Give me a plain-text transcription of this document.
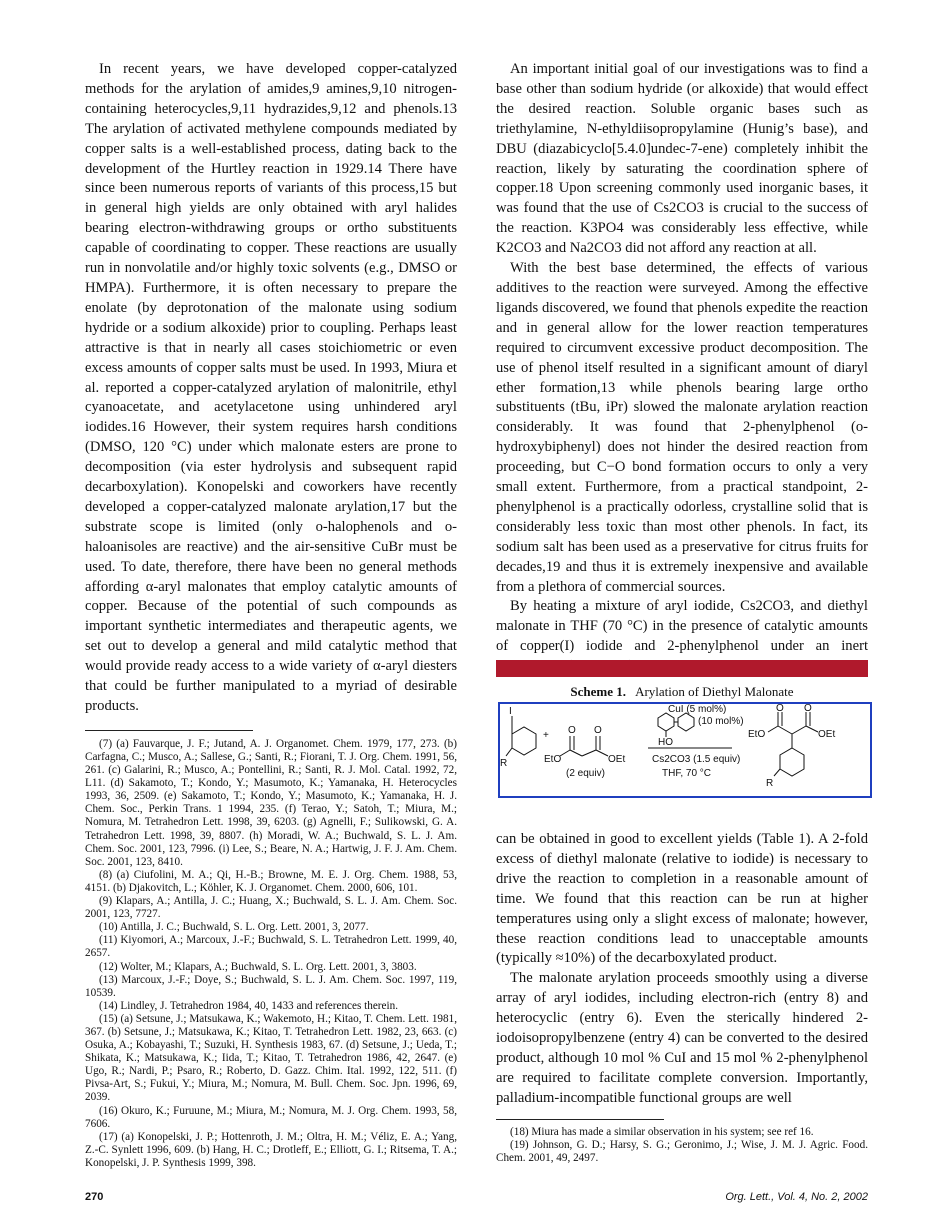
In recent years, we have developed copper-catalyzed methods for the arylation of amides,9 amines,9,10 nitrogen-containing heterocycles,9,11 hydrazides,9,12 and phenols.13 The arylation of activated methylene compounds mediated by copper salts is a well-established process, dating back to the development of the Hurtley reaction in 1929.14 There have since been numerous reports of variants of this process,15 but in general high yields are only obtained with aryl halides bearing electron-withdrawing groups or ortho substituents capable of coordinating to copper. These reactions are usually run in nonvolatile and/or highly toxic solvents (e.g., DMSO or HMPA). Furthermore, it is often necessary to prepare the enolate (by deprotonation of the malonate using sodium hydride or a sodium alkoxide) prior to coupling. Perhaps least attractive is that in nearly all cases stoichiometric or even excess amounts of copper salts must be used. In 1993, Miura et al. reported a copper-catalyzed arylation of malonitrile, ethyl cyanoacetate, and acetylacetone using unhindered aryl iodides.16 However, their system requires harsh conditions (DMSO, 120 °C) under which malonate esters are prone to decomposition (via ester hydrolysis and subsequent rapid decarboxylation). Konopelski and coworkers have recently developed a copper-catalyzed malonate arylation,17 but the substrate scope is limited (only o-halophenols and o-haloanisoles are reactive) and the air-sensitive CuBr must be used. To date, therefore, there have been no general methods affording α-aryl malonates that employ catalytic amounts of copper. Because of the potential of such compounds as important synthetic intermediates and therapeutic agents, we set out to develop a general and mild catalytic method that would provide ready access to a wide variety of α-aryl diesters that could be further manipulated to a myriad of desirable products.

(7) (a) Fauvarque, J. F.; Jutand, A. J. Organomet. Chem. 1979, 177, 273. (b) Carfagna, C.; Musco, A.; Sallese, G.; Santi, R.; Fiorani, T. J. Org. Chem. 1991, 56, 261. (c) Galarini, R.; Musco, A.; Pontellini, R.; Santi, R. J. Mol. Catal. 1992, 72, L11. (d) Sakamoto, T.; Kondo, Y.; Masumoto, K.; Yamanaka, H. Heterocycles 1993, 36, 2509. (e) Sakamoto, T.; Kondo, Y.; Masumoto, K.; Yamanaka, H. J. Chem. Soc., Perkin Trans. 1 1994, 235. (f) Terao, Y.; Satoh, T.; Miura, M.; Nomura, M. Tetrahedron Lett. 1998, 39, 6203. (g) Agnelli, F.; Sulikowski, G. A. Tetrahedron Lett. 1998, 39, 8807. (h) Moradi, W. A.; Buchwald, S. L. J. Am. Chem. Soc. 2001, 123, 7996. (i) Lee, S.; Beare, N. A.; Hartwig, J. F. J. Am. Chem. Soc. 2001, 123, 8410.

(8) (a) Ciufolini, M. A.; Qi, H.-B.; Browne, M. E. J. Org. Chem. 1988, 53, 4151. (b) Djakovitch, L.; Köhler, K. J. Organomet. Chem. 2000, 606, 101.

(9) Klapars, A.; Antilla, J. C.; Huang, X.; Buchwald, S. L. J. Am. Chem. Soc. 2001, 123, 7727.

(10) Antilla, J. C.; Buchwald, S. L. Org. Lett. 2001, 3, 2077.

(11) Kiyomori, A.; Marcoux, J.-F.; Buchwald, S. L. Tetrahedron Lett. 1999, 40, 2657.

(12) Wolter, M.; Klapars, A.; Buchwald, S. L. Org. Lett. 2001, 3, 3803.

(13) Marcoux, J.-F.; Doye, S.; Buchwald, S. L. J. Am. Chem. Soc. 1997, 119, 10539.

(14) Lindley, J. Tetrahedron 1984, 40, 1433 and references therein.

(15) (a) Setsune, J.; Matsukawa, K.; Wakemoto, H.; Kitao, T. Chem. Lett. 1981, 367. (b) Setsune, J.; Matsukawa, K.; Kitao, T. Tetrahedron Lett. 1982, 23, 663. (c) Osuka, A.; Kobayashi, T.; Suzuki, H. Synthesis 1983, 67. (d) Setsune, J.; Ueda, T.; Shikata, K.; Matsukawa, K.; Iida, T.; Kitao, T. Tetrahedron 1986, 42, 2647. (e) Ugo, R.; Nardi, P.; Psaro, R.; Roberto, D. Gazz. Chim. Ital. 1992, 122, 511. (f) Pivsa-Art, S.; Fukui, Y.; Miura, M.; Nomura, M. Bull. Chem. Soc. Jpn. 1996, 69, 2039.

(16) Okuro, K.; Furuune, M.; Miura, M.; Nomura, M. J. Org. Chem. 1993, 58, 7606.

(17) (a) Konopelski, J. P.; Hottenroth, J. M.; Oltra, H. M.; Véliz, E. A.; Yang, Z.-C. Synlett 1996, 609. (b) Hang, H. C.; Drotleff, E.; Elliott, G. I.; Ritsema, T. A.; Konopelski, J. P. Synthesis 1999, 398.

An important initial goal of our investigations was to find a base other than sodium hydride (or alkoxide) that would effect the desired reaction. Soluble organic bases such as triethylamine, N-ethyldiisopropylamine (Hunig’s base), and DBU (diazabicyclo[5.4.0]undec-7-ene) completely inhibit the reaction, likely by saturating the coordination sphere of copper.18 Upon screening commonly used inorganic bases, it was found that the use of Cs2CO3 is crucial to the success of the reaction. K3PO4 was considerably less effective, while K2CO3 and Na2CO3 did not afford any reaction at all.

With the best base determined, the effects of various additives to the reaction were surveyed. Among the effective ligands discovered, we found that phenols expedite the reaction and in general allow for the lower reaction temperatures required to circumvent excessive product decomposition. The use of phenol itself resulted in a significant amount of diaryl ether formation,13 while phenols bearing large ortho substituents (tBu, iPr) slowed the malonate arylation reaction considerably. It was found that 2-phenylphenol (o-hydroxybiphenyl) does not hinder the desired reaction from proceeding, but C−O bond formation occurs to only a very small extent. Furthermore, from a practical standpoint, 2-phenylphenol is a practically odorless, crystalline solid that is considerably less toxic than most other phenols. In fact, its sodium salt has been used as a preservative for citrus fruits for decades,19 and thus it is extremely inexpensive and available from a plethora of commercial sources.

By heating a mixture of aryl iodide, Cs2CO3, and diethyl malonate in THF (70 °C) in the presence of catalytic amounts of copper(I) iodide and 2-phenylphenol under an inert

Scheme 1. Arylation of Diethyl Malonate
I
R
+
EtO
O O
OEt
(2 equiv)
CuI (5 mol%)
(10 mol%)
HO
Cs2CO3 (1.5 equiv)
THF, 70 °C
EtO
O O
OEt
R

can be obtained in good to excellent yields (Table 1). A 2-fold excess of diethyl malonate (relative to iodide) is necessary to drive the reaction to completion in a reasonable amount of time. We found that this reaction can be run at higher temperatures using only a slight excess of malonate; however, these reaction conditions lead to unacceptable amounts (typically ≈10%) of the decarboxylated product.

The malonate arylation proceeds smoothly using a diverse array of aryl iodides, including electron-rich (entry 8) and heterocyclic (entry 6). Even the sterically hindered 2-iodoisopropylbenzene (entry 4) can be converted to the desired product, although 10 mol % CuI and 15 mol % 2-phenylphenol are required to facilitate complete conversion. Importantly, palladium-incompatible functional groups are well

(18) Miura has made a similar observation in his system; see ref 16.

(19) Johnson, G. D.; Harsy, S. G.; Geronimo, J.; Wise, J. M. J. Agric. Food. Chem. 2001, 49, 2497.

270	Org. Lett., Vol. 4, No. 2, 2002
